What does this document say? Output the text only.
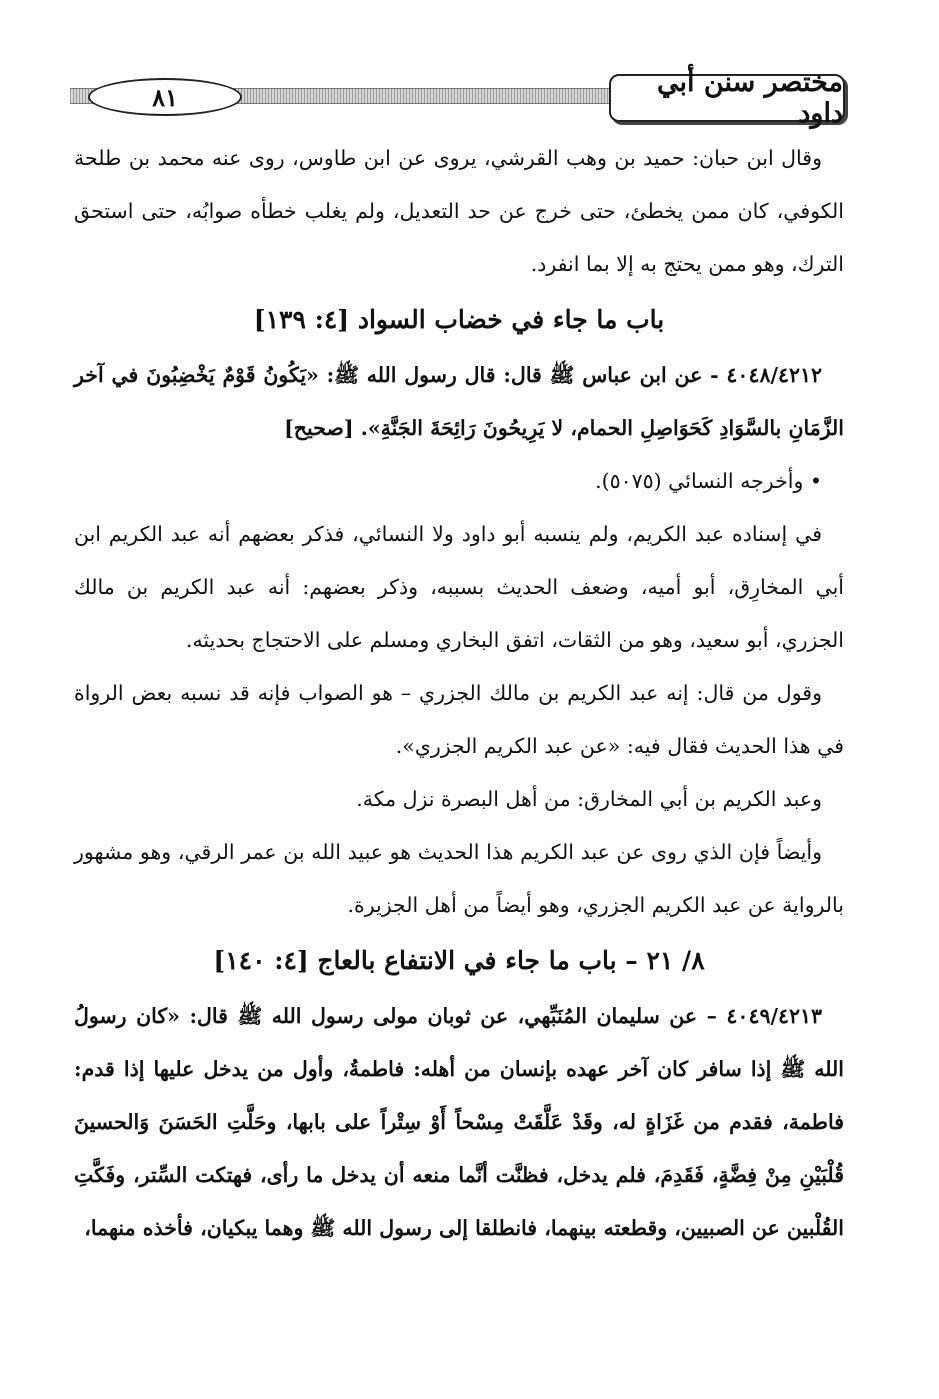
٨١	مختصر سنن أبي داود

وقال ابن حبان: حميد بن وهب القرشي، يروى عن ابن طاوس، روى عنه محمد بن طلحة الكوفي، كان ممن يخطئ، حتى خرج عن حد التعديل، ولم يغلب خطأه صوابُه، حتى استحق الترك، وهو ممن يحتج به إلا بما انفرد.

باب ما جاء في خضاب السواد [٤: ١٣٩]

٤٠٤٨/٤٢١٢ - عن ابن عباس ﷺ قال: قال رسول الله ﷺ: «يَكُونُ قَوْمٌ يَخْضِبُونَ في آخر الزَّمَانِ بالسَّوَادِ كَحَوَاصِلِ الحمام، لا يَرِيحُونَ رَائِحَةَ الجَنَّةِ». [صحيح]

• وأخرجه النسائي (٥٠٧٥).

في إسناده عبد الكريم، ولم ينسبه أبو داود ولا النسائي، فذكر بعضهم أنه عبد الكريم ابن أبي المخارِق، أبو أميه، وضعف الحديث بسببه، وذكر بعضهم: أنه عبد الكريم بن مالك الجزري، أبو سعيد، وهو من الثقات، اتفق البخاري ومسلم على الاحتجاج بحديثه.

وقول من قال: إنه عبد الكريم بن مالك الجزري – هو الصواب فإنه قد نسبه بعض الرواة في هذا الحديث فقال فيه: «عن عبد الكريم الجزري».

وعبد الكريم بن أبي المخارق: من أهل البصرة نزل مكة.

وأيضاً فإن الذي روى عن عبد الكريم هذا الحديث هو عبيد الله بن عمر الرقي، وهو مشهور بالرواية عن عبد الكريم الجزري، وهو أيضاً من أهل الجزيرة.

٨/ ٢١ – باب ما جاء في الانتفاع بالعاج [٤: ١٤٠]

٤٠٤٩/٤٢١٣ – عن سليمان المُنَبِّهي، عن ثوبان مولى رسول الله ﷺ قال: «كان رسولُ الله ﷺ إذا سافر كان آخر عهده بإنسان من أهله: فاطمةُ، وأول من يدخل عليها إذا قدم: فاطمة، فقدم من غَزَاةٍ له، وقَدْ عَلَّقَتْ مِسْحاً أَوْ سِتْراً على بابها، وحَلَّتِ الحَسَنَ وَالحسينَ قُلْبَيْنِ مِنْ فِضَّةٍ، فَقَدِمَ، فلم يدخل، فظنَّت أنَّما منعه أن يدخل ما رأى، فهتكت السِّتر، وفَكَّتِ القُلْبين عن الصبيين، وقطعته بينهما، فانطلقا إلى رسول الله ﷺ وهما يبكيان، فأخذه منهما،
